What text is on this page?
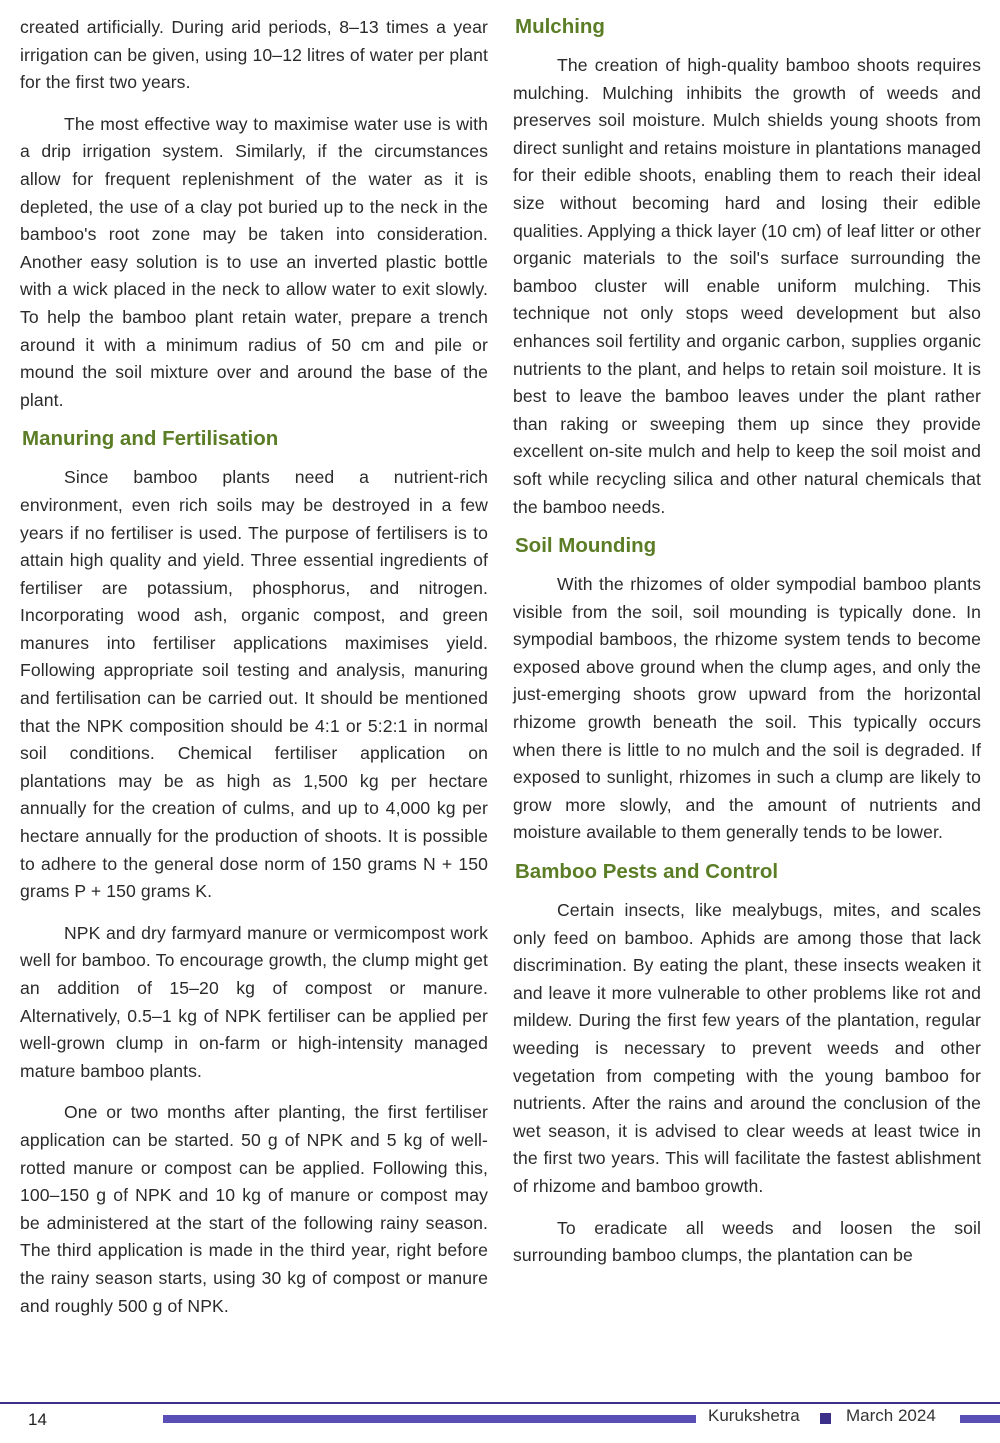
created artificially. During arid periods, 8–13 times a year irrigation can be given, using 10–12 litres of water per plant for the first two years.

The most effective way to maximise water use is with a drip irrigation system. Similarly, if the circumstances allow for frequent replenishment of the water as it is depleted, the use of a clay pot buried up to the neck in the bamboo's root zone may be taken into consideration. Another easy solution is to use an inverted plastic bottle with a wick placed in the neck to allow water to exit slowly. To help the bamboo plant retain water, prepare a trench around it with a minimum radius of 50 cm and pile or mound the soil mixture over and around the base of the plant.

Manuring and Fertilisation

Since bamboo plants need a nutrient-rich environment, even rich soils may be destroyed in a few years if no fertiliser is used. The purpose of fertilisers is to attain high quality and yield. Three essential ingredients of fertiliser are potassium, phosphorus, and nitrogen. Incorporating wood ash, organic compost, and green manures into fertiliser applications maximises yield. Following appropriate soil testing and analysis, manuring and fertilisation can be carried out. It should be mentioned that the NPK composition should be 4:1 or 5:2:1 in normal soil conditions. Chemical fertiliser application on plantations may be as high as 1,500 kg per hectare annually for the creation of culms, and up to 4,000 kg per hectare annually for the production of shoots. It is possible to adhere to the general dose norm of 150 grams N + 150 grams P + 150 grams K.

NPK and dry farmyard manure or vermicompost work well for bamboo. To encourage growth, the clump might get an addition of 15–20 kg of compost or manure. Alternatively, 0.5–1 kg of NPK fertiliser can be applied per well-grown clump in on-farm or high-intensity managed mature bamboo plants.

One or two months after planting, the first fertiliser application can be started. 50 g of NPK and 5 kg of well-rotted manure or compost can be applied. Following this, 100–150 g of NPK and 10 kg of manure or compost may be administered at the start of the following rainy season. The third application is made in the third year, right before the rainy season starts, using 30 kg of compost or manure and roughly 500 g of NPK.

Mulching

The creation of high-quality bamboo shoots requires mulching. Mulching inhibits the growth of weeds and preserves soil moisture. Mulch shields young shoots from direct sunlight and retains moisture in plantations managed for their edible shoots, enabling them to reach their ideal size without becoming hard and losing their edible qualities. Applying a thick layer (10 cm) of leaf litter or other organic materials to the soil's surface surrounding the bamboo cluster will enable uniform mulching. This technique not only stops weed development but also enhances soil fertility and organic carbon, supplies organic nutrients to the plant, and helps to retain soil moisture. It is best to leave the bamboo leaves under the plant rather than raking or sweeping them up since they provide excellent on-site mulch and help to keep the soil moist and soft while recycling silica and other natural chemicals that the bamboo needs.

Soil Mounding

With the rhizomes of older sympodial bamboo plants visible from the soil, soil mounding is typically done. In sympodial bamboos, the rhizome system tends to become exposed above ground when the clump ages, and only the just-emerging shoots grow upward from the horizontal rhizome growth beneath the soil. This typically occurs when there is little to no mulch and the soil is degraded. If exposed to sunlight, rhizomes in such a clump are likely to grow more slowly, and the amount of nutrients and moisture available to them generally tends to be lower.

Bamboo Pests and Control

Certain insects, like mealybugs, mites, and scales only feed on bamboo. Aphids are among those that lack discrimination. By eating the plant, these insects weaken it and leave it more vulnerable to other problems like rot and mildew. During the first few years of the plantation, regular weeding is necessary to prevent weeds and other vegetation from competing with the young bamboo for nutrients. After the rains and around the conclusion of the wet season, it is advised to clear weeds at least twice in the first two years. This will facilitate the fastest ablishment of rhizome and bamboo growth.

To eradicate all weeds and loosen the soil surrounding bamboo clumps, the plantation can be

14	Kurukshetra	March 2024
